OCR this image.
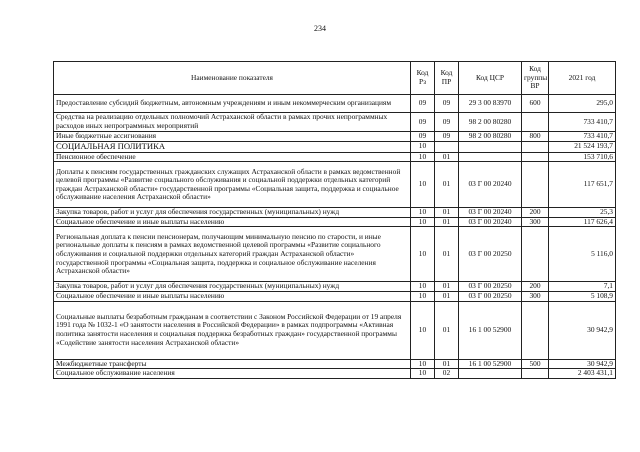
234
Наименование показателя	Код Рз	Код ПР	Код ЦСР	Код группы ВР	2021 год
Предоставление субсидий бюджетным, автономным учреждениям и иным некоммерческим организациям	09	09	29 3 00 83970	600	295,0
Средства на реализацию отдельных полномочий Астраханской области в рамках прочих непрограммных расходов иных непрограммных мероприятий	09	09	98 2 00 80280		733 410,7
Иные бюджетные ассигнования	09	09	98 2 00 80280	800	733 410,7
СОЦИАЛЬНАЯ ПОЛИТИКА	10				21 524 193,7
Пенсионное обеспечение	10	01			153 710,6
Доплаты к пенсиям государственных гражданских служащих Астраханской области в рамках ведомственной целевой программы «Развитие социального обслуживания и социальной поддержки отдельных категорий граждан Астраханской области» государственной программы «Социальная защита, поддержка и социальное обслуживание населения Астраханской области»	10	01	03 Г 00 20240		117 651,7
Закупка товаров, работ и услуг для обеспечения государственных (муниципальных) нужд	10	01	03 Г 00 20240	200	25,3
Социальное обеспечение и иные выплаты населению	10	01	03 Г 00 20240	300	117 626,4
Региональная доплата к пенсии пенсионерам, получающим минимальную пенсию по старости, и иные региональные доплаты к пенсиям в рамках ведомственной целевой программы «Развитие социального обслуживания и социальной поддержки отдельных категорий граждан Астраханской области» государственной программы «Социальная защита, поддержка и социальное обслуживание населения Астраханской области»	10	01	03 Г 00 20250		5 116,0
Закупка товаров, работ и услуг для обеспечения государственных (муниципальных) нужд	10	01	03 Г 00 20250	200	7,1
Социальное обеспечение и иные выплаты населению	10	01	03 Г 00 20250	300	5 108,9
Социальные выплаты безработным гражданам в соответствии с Законом Российской Федерации от 19 апреля 1991 года № 1032-1 «О занятости населения в Российской Федерации» в рамках подпрограммы «Активная политика занятости населения и социальная поддержка безработных граждан» государственной программы «Содействие занятости населения Астраханской области»	10	01	16 1 00 52900		30 942,9
Межбюджетные трансферты	10	01	16 1 00 52900	500	30 942,9
Социальное обслуживание населения	10	02			2 403 431,1
